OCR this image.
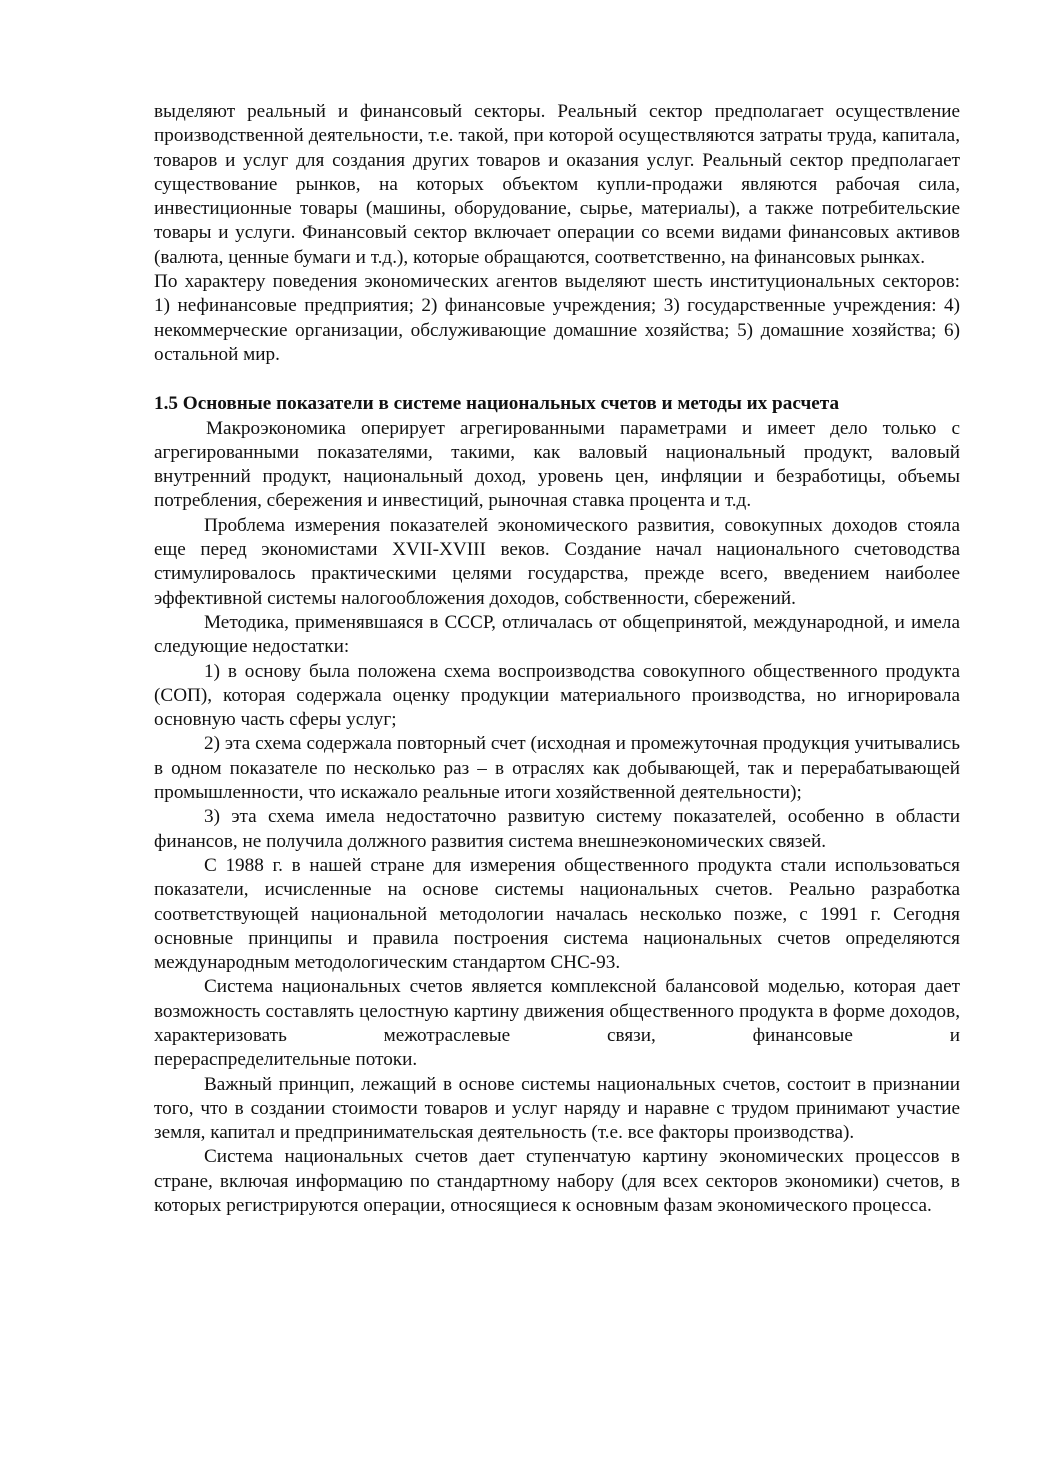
выделяют реальный и финансовый секторы. Реальный сектор предполагает осуществление производственной деятельности, т.е. такой, при которой осуществляются затраты труда, капитала, товаров и услуг для создания других товаров и оказания услуг. Реальный сектор предполагает существование рынков, на которых объектом купли-продажи являются рабочая сила, инвестиционные товары (машины, оборудование, сырье, материалы), а также потребительские товары и услуги. Финансовый сектор включает операции со всеми видами финансовых активов (валюта, ценные бумаги и т.д.), которые обращаются, соответственно, на финансовых рынках.

По характеру поведения экономических агентов выделяют шесть институциональных секторов: 1) нефинансовые предприятия; 2) финансовые учреждения; 3) государственные учреждения: 4) некоммерческие организации, обслуживающие домашние хозяйства; 5) домашние хозяйства; 6) остальной мир.

1.5 Основные показатели в системе национальных счетов и методы их расчета

Макроэкономика оперирует агрегированными параметрами и имеет дело только с агрегированными показателями, такими, как валовый национальный продукт, валовый внутренний продукт, национальный доход, уровень цен, инфляции и безработицы, объемы потребления, сбережения и инвестиций, рыночная ставка процента и т.д.

Проблема измерения показателей экономического развития, совокупных доходов стояла еще перед экономистами XVII-XVIII веков. Создание начал национального счетоводства стимулировалось практическими целями государства, прежде всего, введением наиболее эффективной системы налогообложения доходов, собственности, сбережений.

Методика, применявшаяся в СССР, отличалась от общепринятой, международной, и имела следующие недостатки:

1) в основу была положена схема воспроизводства совокупного общественного продукта (СОП), которая содержала оценку продукции материального производства, но игнорировала основную часть сферы услуг;

2) эта схема содержала повторный счет (исходная и промежуточная продукция учитывались в одном показателе по несколько раз – в отраслях как добывающей, так и перерабатывающей промышленности, что искажало реальные итоги хозяйственной деятельности);

3) эта схема имела недостаточно развитую систему показателей, особенно в области финансов, не получила должного развития система внешнеэкономических связей.

С 1988 г. в нашей стране для измерения общественного продукта стали использоваться показатели, исчисленные на основе системы национальных счетов. Реально разработка соответствующей национальной методологии началась несколько позже, с 1991 г. Сегодня основные принципы и правила построения система национальных счетов определяются международным методологическим стандартом СНС-93.

Система национальных счетов является комплексной балансовой моделью, которая дает возможность составлять целостную картину движения общественного продукта в форме доходов, характеризовать межотраслевые связи, финансовые и

перераспределительные потоки.

Важный принцип, лежащий в основе системы национальных счетов, состоит в признании того, что в создании стоимости товаров и услуг наряду и наравне с трудом принимают участие земля, капитал и предпринимательская деятельность (т.е. все факторы производства).

Система национальных счетов дает ступенчатую картину экономических процессов в стране, включая информацию по стандартному набору (для всех секторов экономики) счетов, в которых регистрируются операции, относящиеся к основным фазам экономического процесса.
